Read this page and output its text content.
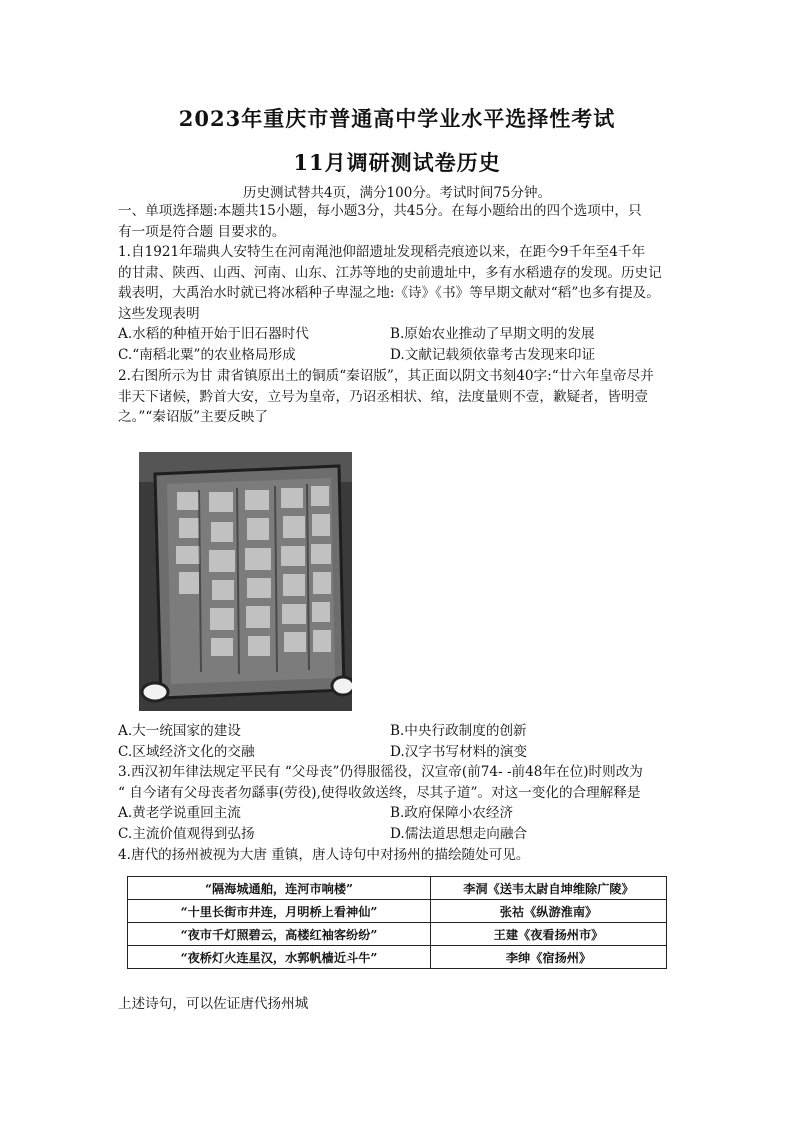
2023年重庆市普通高中学业水平选择性考试
11月调研测试卷历史
历史测试替共4页，满分100分。考试时间75分钟。
一、单项选择题:本题共15小题，每小题3分，共45分。在每小题给出的四个选项中，只
有一项是符合题 目要求的。
1.自1921年瑞典人安特生在河南渑池仰韶遗址发现稻壳痕迹以来，在距今9千年至4千年
的甘肃、陕西、山西、河南、山东、江苏等地的史前遗址中，多有水稻遗存的发现。历史记
载表明，大禹治水时就已将冰稻种子卑湿之地:《诗》《书》等早期文献对“稻”也多有提及。
这些发现表明
A.水稻的种植开始于旧石器时代	B.原始农业推动了早期文明的发展
C.“南稻北粟”的农业格局形成	D.文献记载须依靠考古发现来印证
2.右图所示为甘 肃省镇原出土的铜质“秦诏版”，其正面以阴文书刻40字:“廿六年皇帝尽并
非天下诸候，黔首大安，立号为皇帝，乃诏丞相状、绾，法度量则不壹，歉疑者，皆明壹
之。”“秦诏版”主要反映了
A.大一统国家的建设	B.中央行政制度的创新
C.区域经济文化的交融	D.汉字书写材料的演变
3.西汉初年律法规定平民有 “父母丧”仍得服徭役，汉宣帝(前74- -前48年在位)时则改为
“ 自今诸有父母丧者勿繇事(劳役),使得收敛送终，尽其子道”。对这一变化的合理解释是
A.黄老学说重回主流	B.政府保障小农经济
C.主流价值观得到弘扬	D.儒法道思想走向融合
4.唐代的扬州被视为大唐 重镇，唐人诗句中对扬州的描绘随处可见。
“隔海城通舶，连河市响楼”	李洞《送韦太尉自坤维除广陵》
“十里长街市井连，月明桥上看神仙”	张祜《纵游淮南》
“夜市千灯照碧云，高楼红袖客纷纷”	王建《夜看扬州市》
“夜桥灯火连星汉，水郭帆樯近斗牛”	李绅《宿扬州》
上述诗句，可以佐证唐代扬州城
